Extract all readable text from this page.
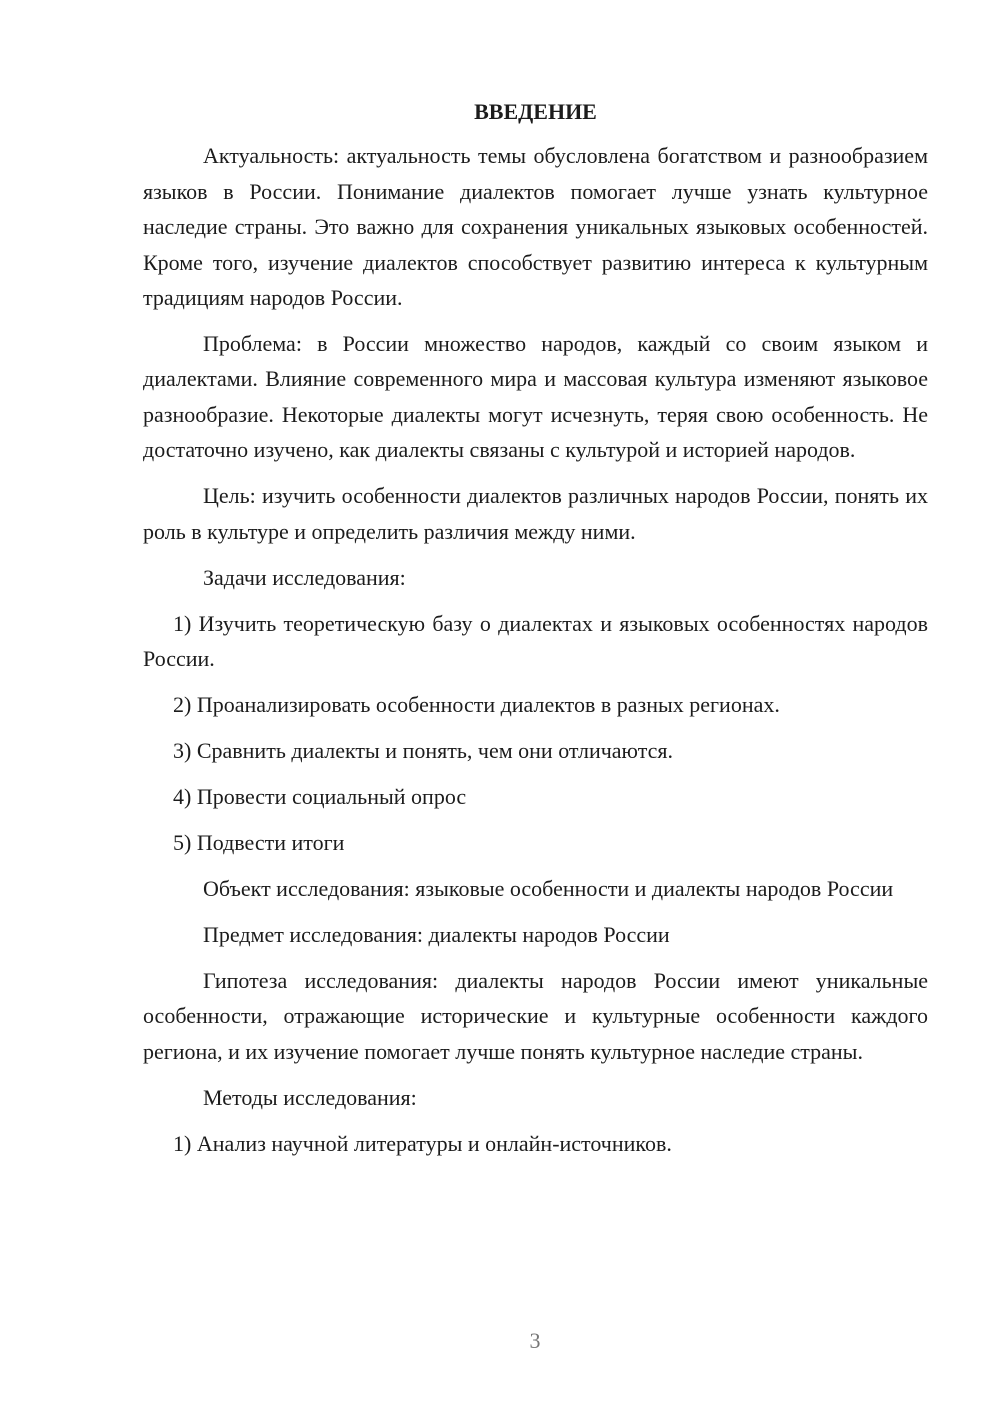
ВВЕДЕНИЕ

Актуальность: актуальность темы обусловлена богатством и разнообразием языков в России. Понимание диалектов помогает лучше узнать культурное наследие страны. Это важно для сохранения уникальных языковых особенностей. Кроме того, изучение диалектов способствует развитию интереса к культурным традициям народов России.

Проблема: в России множество народов, каждый со своим языком и диалектами. Влияние современного мира и массовая культура изменяют языковое разнообразие. Некоторые диалекты могут исчезнуть, теряя свою особенность. Не достаточно изучено, как диалекты связаны с культурой и историей народов.

Цель: изучить особенности диалектов различных народов России, понять их роль в культуре и определить различия между ними.

Задачи исследования:

1) Изучить теоретическую базу о диалектах и языковых особенностях народов России.

2) Проанализировать особенности диалектов в разных регионах.

3) Сравнить диалекты и понять, чем они отличаются.

4) Провести социальный опрос

5) Подвести итоги

Объект исследования: языковые особенности и диалекты народов России

Предмет исследования: диалекты народов России

Гипотеза исследования: диалекты народов России имеют уникальные особенности, отражающие исторические и культурные особенности каждого региона, и их изучение помогает лучше понять культурное наследие страны.

Методы исследования:

1) Анализ научной литературы и онлайн-источников.

3
